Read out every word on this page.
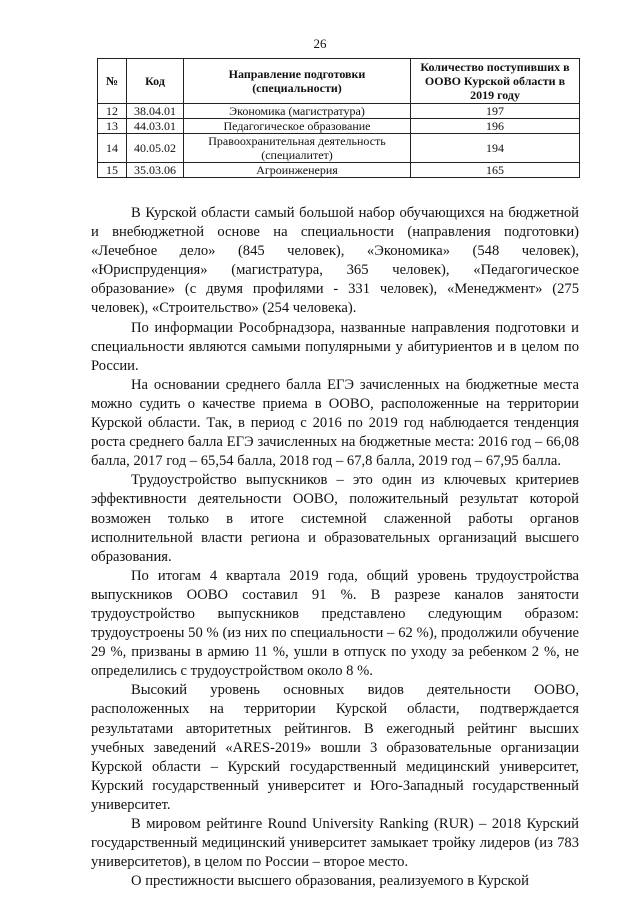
26
№	Код	Направление подготовки (специальности)	Количество поступивших в ООВО Курской области в 2019 году
12	38.04.01	Экономика (магистратура)	197
13	44.03.01	Педагогическое образование	196
14	40.05.02	Правоохранительная деятельность (специалитет)	194
15	35.03.06	Агроинженерия	165

В Курской области самый большой набор обучающихся на бюджетной и внебюджетной основе на специальности (направления подготовки) «Лечебное дело» (845 человек), «Экономика» (548 человек), «Юриспруденция» (магистратура, 365 человек), «Педагогическое образование» (с двумя профилями - 331 человек), «Менеджмент» (275 человек), «Строительство» (254 человека).

По информации Рособрнадзора, названные направления подготовки и специальности являются самыми популярными у абитуриентов и в целом по России.

На основании среднего балла ЕГЭ зачисленных на бюджетные места можно судить о качестве приема в ООВО, расположенные на территории Курской области. Так, в период с 2016 по 2019 год наблюдается тенденция роста среднего балла ЕГЭ зачисленных на бюджетные места: 2016 год – 66,08 балла, 2017 год – 65,54 балла, 2018 год – 67,8 балла, 2019 год – 67,95 балла.

Трудоустройство выпускников – это один из ключевых критериев эффективности деятельности ООВО, положительный результат которой возможен только в итоге системной слаженной работы органов исполнительной власти региона и образовательных организаций высшего образования.

По итогам 4 квартала 2019 года, общий уровень трудоустройства выпускников ООВО составил 91 %. В разрезе каналов занятости трудоустройство выпускников представлено следующим образом: трудоустроены 50 % (из них по специальности – 62 %), продолжили обучение 29 %, призваны в армию 11 %, ушли в отпуск по уходу за ребенком 2 %, не определились с трудоустройством около 8 %.

Высокий уровень основных видов деятельности ООВО, расположенных на территории Курской области, подтверждается результатами авторитетных рейтингов. В ежегодный рейтинг высших учебных заведений «ARES-2019» вошли 3 образовательные организации Курской области – Курский государственный медицинский университет, Курский государственный университет и Юго-Западный государственный университет.

В мировом рейтинге Round University Ranking (RUR) – 2018 Курский государственный медицинский университет замыкает тройку лидеров (из 783 университетов), в целом по России – второе место.

О престижности высшего образования, реализуемого в Курской
